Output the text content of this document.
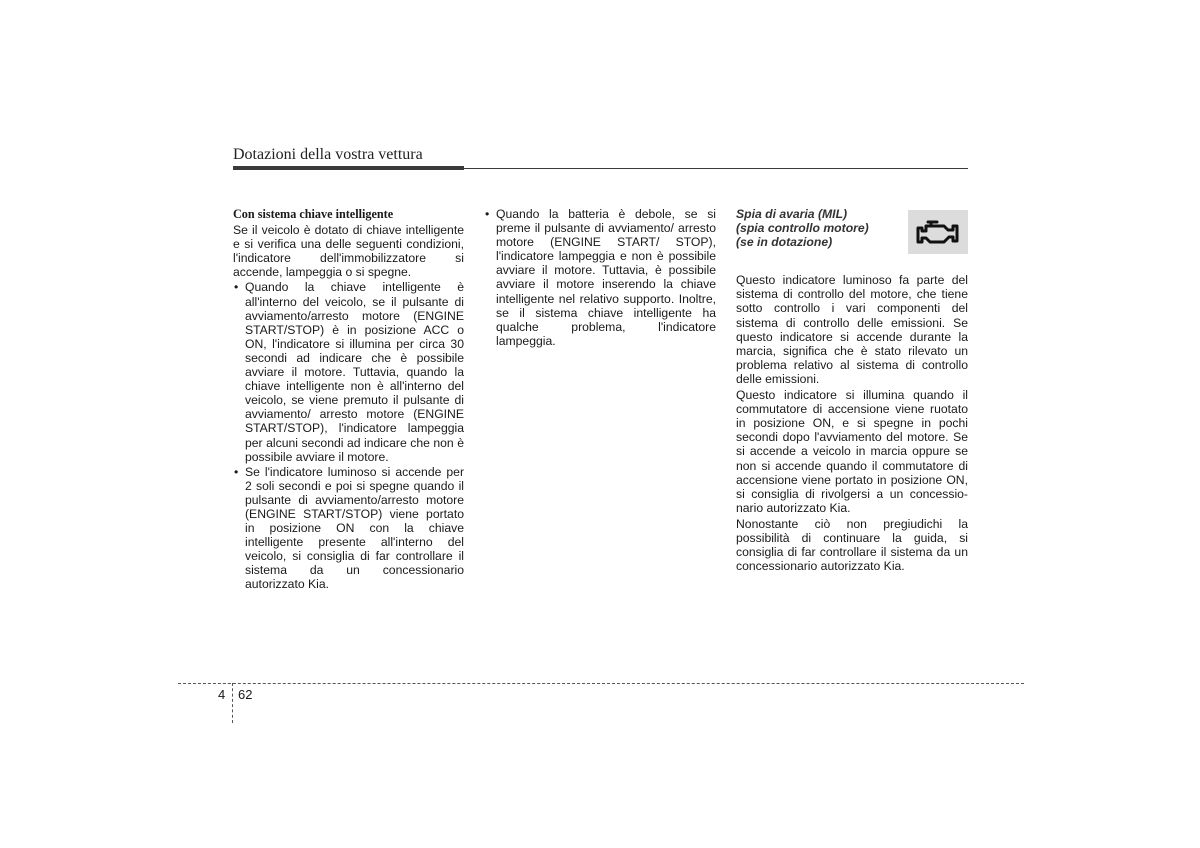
Dotazioni della vostra vettura
Con sistema chiave intelligente

Se il veicolo è dotato di chiave intelligente e si verifica una delle seguenti condizioni, l'indicatore dell'immobilizzatore si accende, lampeggia o si spegne.

• Quando la chiave intelligente è all'interno del veicolo, se il pulsante di avviamento/arresto motore (ENGINE START/STOP) è in posizione ACC o ON, l'indicatore si illumina per circa 30 secondi ad indicare che è possibile avviare il motore. Tuttavia, quando la chiave intelligente non è all'interno del veicolo, se viene premuto il pulsante di avviamento/ arresto motore (ENGINE START/STOP), l'indicatore lampeggia per alcuni secondi ad indicare che non è possibile avviare il motore.
• Se l'indicatore luminoso si accende per 2 soli secondi e poi si spegne quando il pulsante di avviamento/arresto motore (ENGINE START/STOP) viene portato in posizione ON con la chiave intelligente presente all'interno del veicolo, si consiglia di far controllare il sistema da un concessionario autorizzato Kia.
• Quando la batteria è debole, se si preme il pulsante di avviamento/ arresto motore (ENGINE START/ STOP), l'indicatore lampeggia e non è possibile avviare il motore. Tuttavia, è possibile avviare il motore inserendo la chiave intelligente nel relativo supporto. Inoltre, se il sistema chiave intelligente ha qualche problema, l'indicatore lampeggia.
Spia di avaria (MIL)
(spia controllo motore)
(se in dotazione)

Questo indicatore luminoso fa parte del sistema di controllo del motore, che tiene sotto controllo i vari componenti del sistema di controllo delle emissioni. Se questo indicatore si accende durante la marcia, significa che è stato rilevato un problema relativo al sistema di controllo delle emissioni.

Questo indicatore si illumina quando il commutatore di accensione viene ruotato in posizione ON, e si spegne in pochi secondi dopo l'avviamento del motore. Se si accende a veicolo in marcia oppure se non si accende quando il commutatore di accensione viene portato in posizione ON, si consiglia di rivolgersi a un concessio-nario autorizzato Kia.

Nonostante ciò non pregiudichi la possibilità di continuare la guida, si consiglia di far controllare il sistema da un concessionario autorizzato Kia.

4 62
